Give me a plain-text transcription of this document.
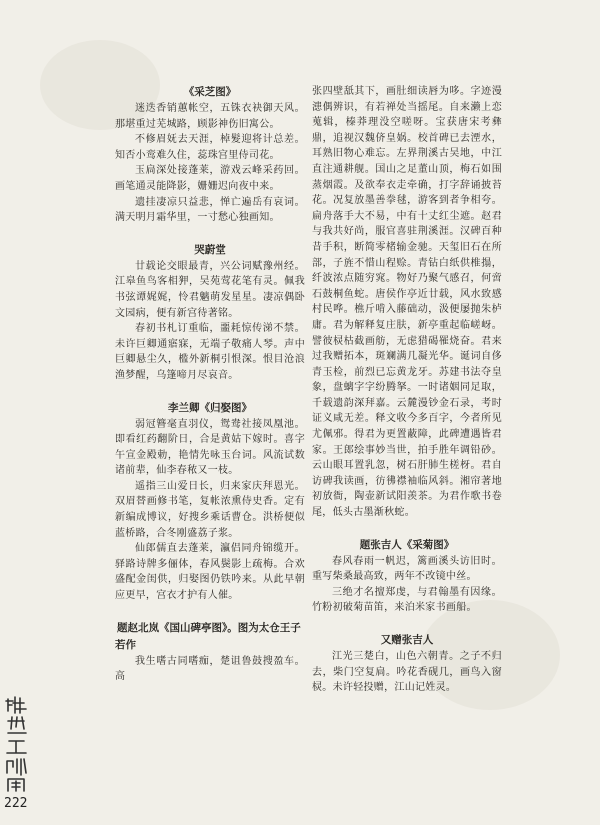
《采芝图》

迷迭香销蕙帐空，五铢衣袂御天风。那堪重过芜城路，顾影神伤旧寓公。

不修眉妩去天涯，棹髮迎将计总差。知否小鸾难久住，蕊珠宫里侍司花。

玉扃深处接蓬莱，游戏云峰采药回。画笔通灵能降影，姗姗迟向夜中来。

遗挂凄凉只益悲，惮亡遍岳有哀词。满天明月霜华里，一寸愁心独画知。

哭蔚堂

廿载论交眼最青，兴公词赋豫州经。江皋鱼鸟客相狎，吴苑莺花笔有灵。佩我书弦谭娓娓，怜君魑萌发星星。凄凉偶卧文园病，便有新宫待著铭。

春初书札订重临，噩耗惊传涕不禁。未许巨卿通寤寐，无端子敬痛人琴。声中巨卿悬尘久，槛外新桐引恨深。恨目沧浪渔梦醒，乌篷啼月尽哀音。

李兰卿《归娶图》

弱冠簪毫直羽仪，鸳鸯社接凤凰池。即看红药翻阶日，合是黄姑下嫁时。喜字午宣金殿勅，艳情先咏玉台词。风流试数诸前辈，仙李春秾又一枝。

遥指三山爱日长，归来家庆拜恩光。双眉替画修书笔，复帐浓熏侍史香。定有新编成博议，好搜乡乘话曹仓。洪桥便似蓝桥路，合冬刚盛荔子浆。

仙郎儒直去蓬莱，瀛侣同舟锦缆开。驿路诗牌多俪体，春风鬓影上疏梅。合欢盛配金闺供，归娶图仍铁吟来。从此早朝应更早，宫衣才护有人催。

题赵北岚《国山碑亭图》。图为太仓王子若作

我生嗜古同嗜痂，楚诅鲁鼓搜盈车。高

张四壁舐其下，画肚细读唇为哆。字迹漫漶偶辨识，有若禅处当摇尾。自来濑上恋蒐辑，榛莽理没空嗟呀。宝获唐宋考彝鼎，追视汉魏侪皇娲。校首碑已去湮水，耳熟旧物心难忘。左界荆溪古吴地，中江直注通耕舰。国山之足董山顶，梅石如围蒸烟霞。及欲奉衣走牵确，打字辞诵披苔花。况复放墨善拳毬，游客到者争相夸。扁舟落手大不易，中有十丈红尘遮。赵君与我共好尚，服官喜驻荆溪涯。汉碑百种昔手积，断简零楮输金驰。天玺旧石在所部，子旌不惜山程赊。青钻白纸供椎搨，纤波浓点随穷窕。物好乃聚气感召，何啻石鼓桐鱼蛇。唐侯作亭近廿载，风水致感村民哗。樵斤啃入藤础动，汲便屡抛朱栌庸。君为解释复庄肤，新亭重起临嵯岈。譬彼棂枯截画舫，无虑猎碣罹烧奋。君来过我赠拓本，斑斓满几凝光华。诞词自侈青玉检，前烈已忘黄龙牙。苏建书法夺皇象，盘螭字字纷腾拏。一时诸姻同足取，千载遗韵深拜嘉。云麓漫钞金石录，考时证义咸无差。释文收今多百字，今者所见尤佩邪。得君为更置蔽障，此碑遭遇皆君家。王郎绘事妙当世，拍手胜年调铅砂。云山眼耳置乳忽，树石肝肺生槎枒。君自访碑我读画，彷彿襟袖临风斜。湘帘著地初放衙，陶壶新试阳羡茶。为君作歌书卷尾，低头古墨渐秋蛇。

题张吉人《采菊图》

春风春雨一帆迟，篱画溪头访旧时。重写柴桑最高致，两年不改镜中丝。

三绝才名擅郑虔，与君翰墨有因缘。竹粉初破菊苗笛，来泊米家书画船。

又赠张吉人

江光三楚白，山色六朝青。之子不归去，柴门空复扃。吟花香砚几，画鸟入窗棂。未许轻投赠，江山记姓灵。

222
